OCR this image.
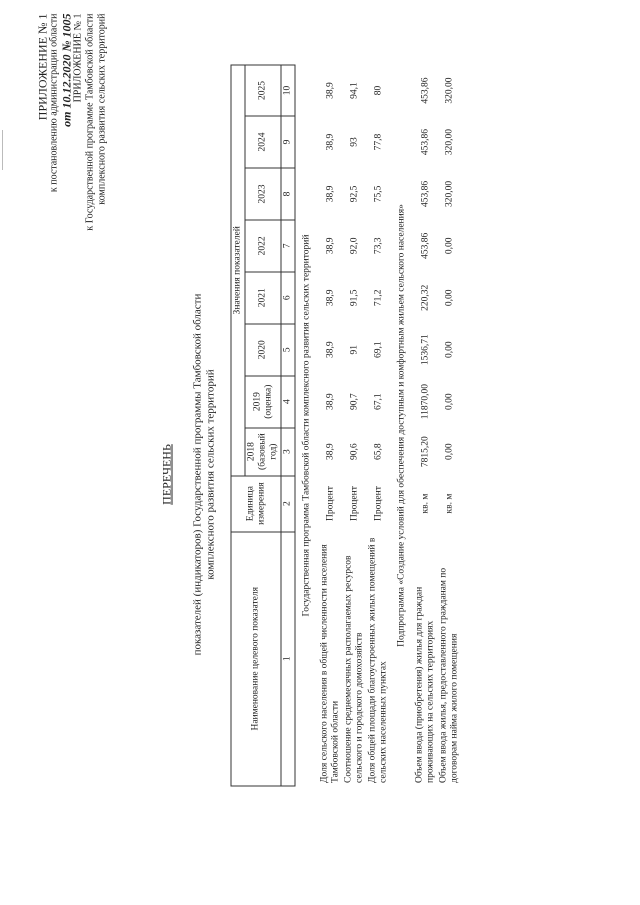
ПРИЛОЖЕНИЕ № 1 к постановлению администрации области от 10.12.2020 № 1005 ПРИЛОЖЕНИЕ № 1 к Государственной программе Тамбовской области комплексного развития сельских территорий
ПЕРЕЧЕНЬ показателей (индикаторов) Государственной программы Тамбовской области комплексного развития сельских территорий
Наименование целевого показателя	Единица измерения	Значения показателей							
		2018 (базовый год)	2019 (оценка)	2020	2021	2022	2023	2024	2025
1	2	3	4	5	6	7	8	9	10
Государственная программа Тамбовской области комплексного развития сельских территорий									
Доля сельского населения в общей численности населения Тамбовской области	Процент	38,9	38,9	38,9	38,9	38,9	38,9	38,9	38,9
Соотношение среднемесячных располагаемых ресурсов сельского и городского домохозяйств	Процент	90,6	90,7	91	91,5	92,0	92,5	93	94,1
Доля общей площади благоустроенных жилых помещений в сельских населенных пунктах	Процент	65,8	67,1	69,1	71,2	73,3	75,5	77,8	80
Подпрограмма «Создание условий для обеспечения доступным и комфортным жильем сельского населения»									
Объем ввода (приобретения) жилья для граждан проживающих на сельских территориях	кв. м	7815,20	11870,00	1536,71	220,32	453,86	453,86	453,86	453,86
Объем ввода жилья, предоставленного гражданам по договорам найма жилого помещения	кв. м	0,00	0,00	0,00	0,00	0,00	320,00	320,00	320,00
